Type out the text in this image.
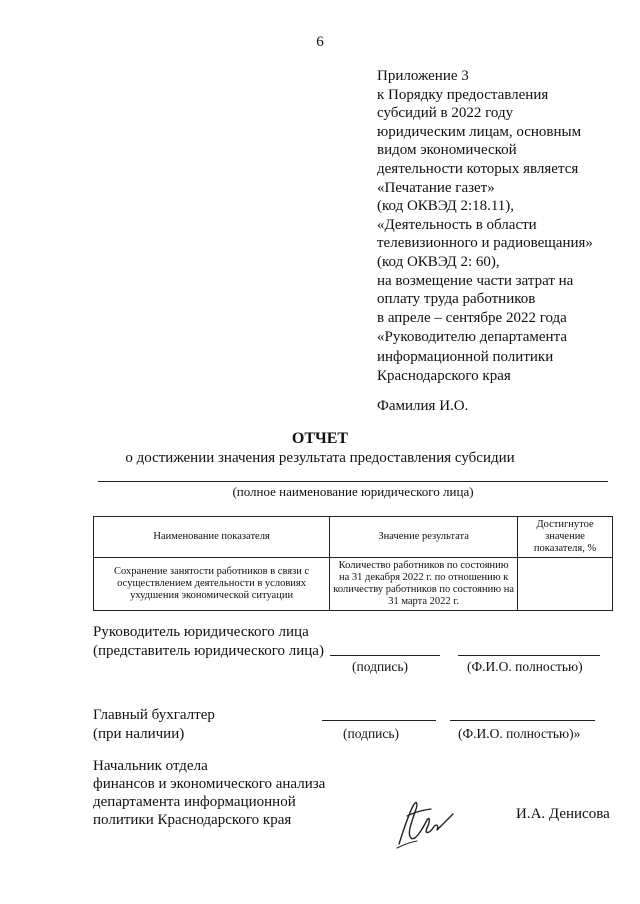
6
Приложение 3
к Порядку предоставления
субсидий в 2022 году
юридическим лицам, основным
видом экономической
деятельности которых является
«Печатание газет»
(код ОКВЭД 2:18.11),
«Деятельность в области
телевизионного и радиовещания»
(код ОКВЭД 2: 60),
на возмещение части затрат на
оплату труда работников
в апреле – сентябре 2022 года
«Руководителю департамента
информационной политики
Краснодарского края
Фамилия И.О.
ОТЧЕТ
о достижении значения результата предоставления субсидии
(полное наименование юридического лица)
Наименование показателя	Значение результата	Достигнутое значение показателя, %
Сохранение занятости работников в связи с осуществлением деятельности в условиях ухудшения экономической ситуации	Количество работников по состоянию на 31 декабря 2022 г. по отношению к количеству работников по состоянию на 31 марта 2022 г.	
Руководитель юридического лица
(представитель юридического лица)
(подпись)	(Ф.И.О. полностью)
Главный бухгалтер
(при наличии)	(подпись)	(Ф.И.О. полностью)»
Начальник отдела
финансов и экономического анализа
департамента информационной
политики Краснодарского края	И.А. Денисова
